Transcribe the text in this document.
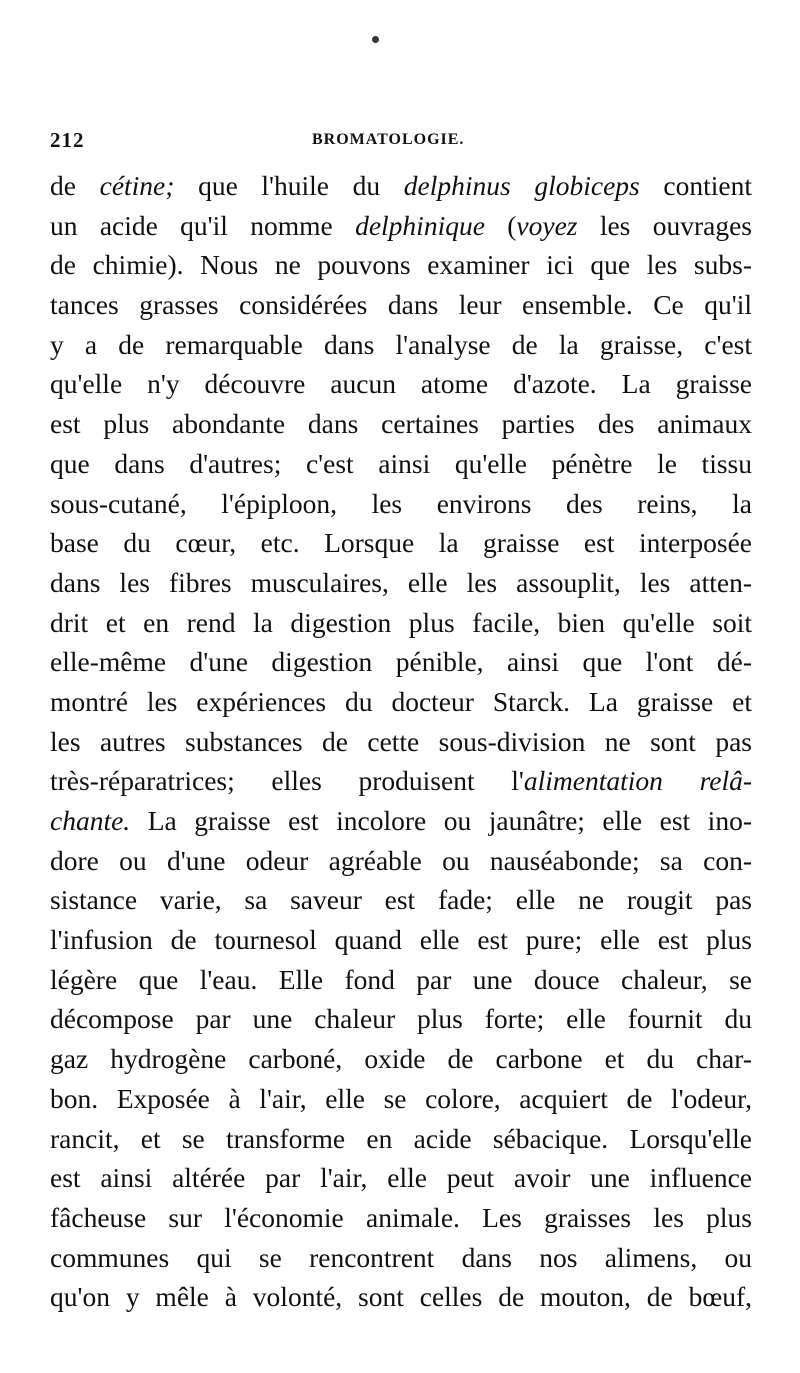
212	BROMATOLOGIE.
de cétine; que l'huile du delphinus globiceps contient
un acide qu'il nomme delphinique (voyez les ouvrages
de chimie). Nous ne pouvons examiner ici que les subs-
tances grasses considérées dans leur ensemble. Ce qu'il
y a de remarquable dans l'analyse de la graisse, c'est
qu'elle n'y découvre aucun atome d'azote. La graisse
est plus abondante dans certaines parties des animaux
que dans d'autres; c'est ainsi qu'elle pénètre le tissu
sous-cutané, l'épiploon, les environs des reins, la
base du cœur, etc. Lorsque la graisse est interposée
dans les fibres musculaires, elle les assouplit, les atten-
drit et en rend la digestion plus facile, bien qu'elle soit
elle-même d'une digestion pénible, ainsi que l'ont dé-
montré les expériences du docteur Starck. La graisse et
les autres substances de cette sous-division ne sont pas
très-réparatrices; elles produisent l'alimentation relâ-
chante. La graisse est incolore ou jaunâtre; elle est ino-
dore ou d'une odeur agréable ou nauséabonde; sa con-
sistance varie, sa saveur est fade; elle ne rougit pas
l'infusion de tournesol quand elle est pure; elle est plus
légère que l'eau. Elle fond par une douce chaleur, se
décompose par une chaleur plus forte; elle fournit du
gaz hydrogène carboné, oxide de carbone et du char-
bon. Exposée à l'air, elle se colore, acquiert de l'odeur,
rancit, et se transforme en acide sébacique. Lorsqu'elle
est ainsi altérée par l'air, elle peut avoir une influence
fâcheuse sur l'économie animale. Les graisses les plus
communes qui se rencontrent dans nos alimens, ou
qu'on y mêle à volonté, sont celles de mouton, de bœuf,
